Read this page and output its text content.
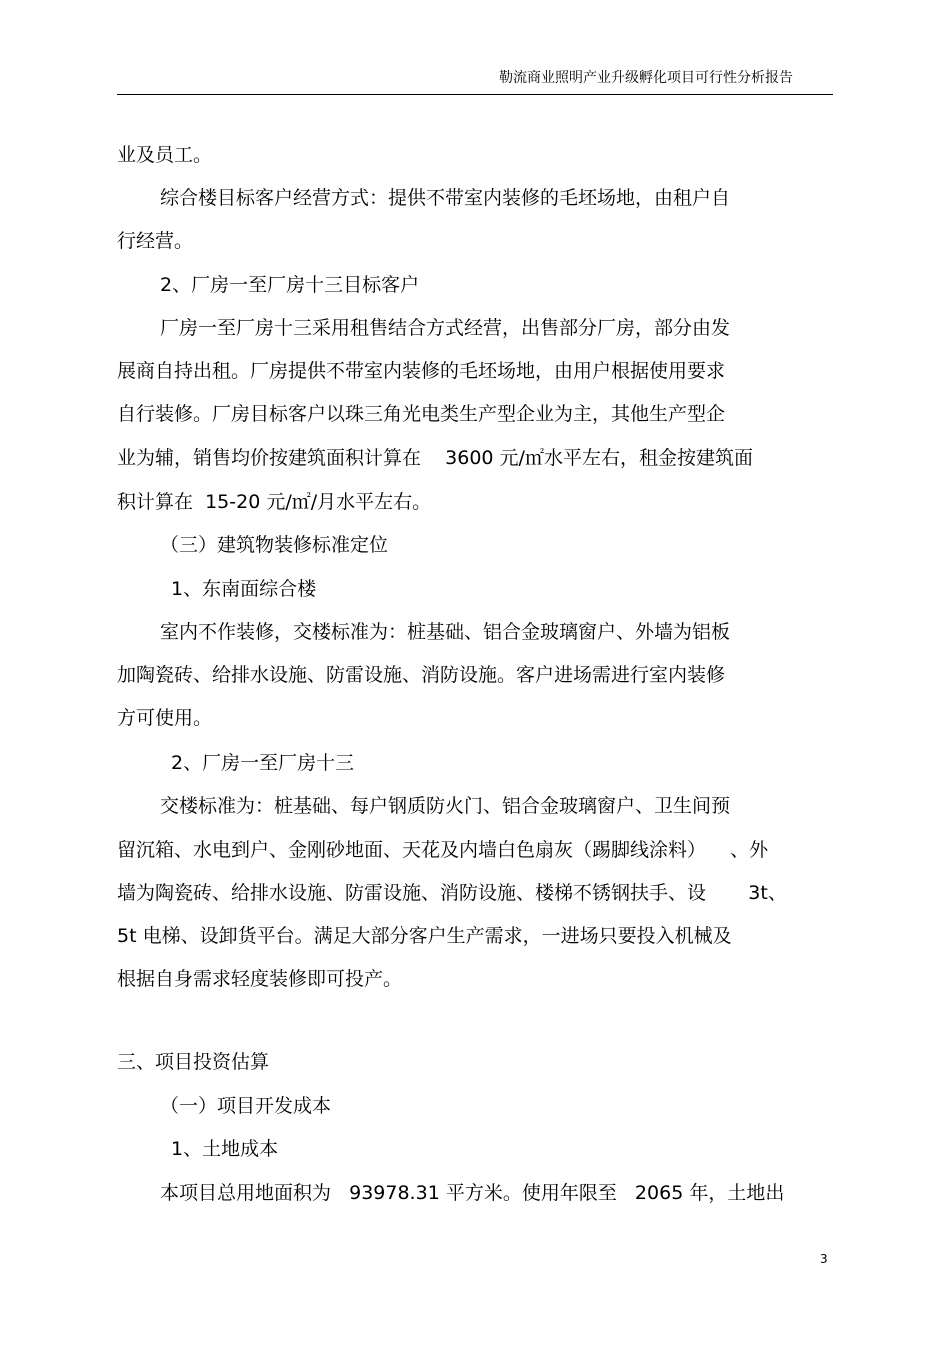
勒流商业照明产业升级孵化项目可行性分析报告
业及员工。
综合楼目标客户经营方式：提供不带室内装修的毛坯场地，由租户自
行经营。
2、厂房一至厂房十三目标客户
厂房一至厂房十三采用租售结合方式经营，出售部分厂房，部分由发
展商自持出租。厂房提供不带室内装修的毛坯场地，由用户根据使用要求
自行装修。厂房目标客户以珠三角光电类生产型企业为主，其他生产型企
业为辅，销售均价按建筑面积计算在    3600 元/㎡水平左右，租金按建筑面
积计算在  15-20 元/㎡/月水平左右。
（三）建筑物装修标准定位
1、东南面综合楼
室内不作装修，交楼标准为：桩基础、铝合金玻璃窗户、外墙为铝板
加陶瓷砖、给排水设施、防雷设施、消防设施。客户进场需进行室内装修
方可使用。
2、厂房一至厂房十三
交楼标准为：桩基础、每户钢质防火门、铝合金玻璃窗户、卫生间预
留沉箱、水电到户、金刚砂地面、天花及内墙白色扇灰（踢脚线涂料）    、外
墙为陶瓷砖、给排水设施、防雷设施、消防设施、楼梯不锈钢扶手、设       3t、
5t 电梯、设卸货平台。满足大部分客户生产需求，一进场只要投入机械及
根据自身需求轻度装修即可投产。
三、项目投资估算
（一）项目开发成本
1、土地成本
本项目总用地面积为   93978.31 平方米。使用年限至   2065 年，土地出
3
